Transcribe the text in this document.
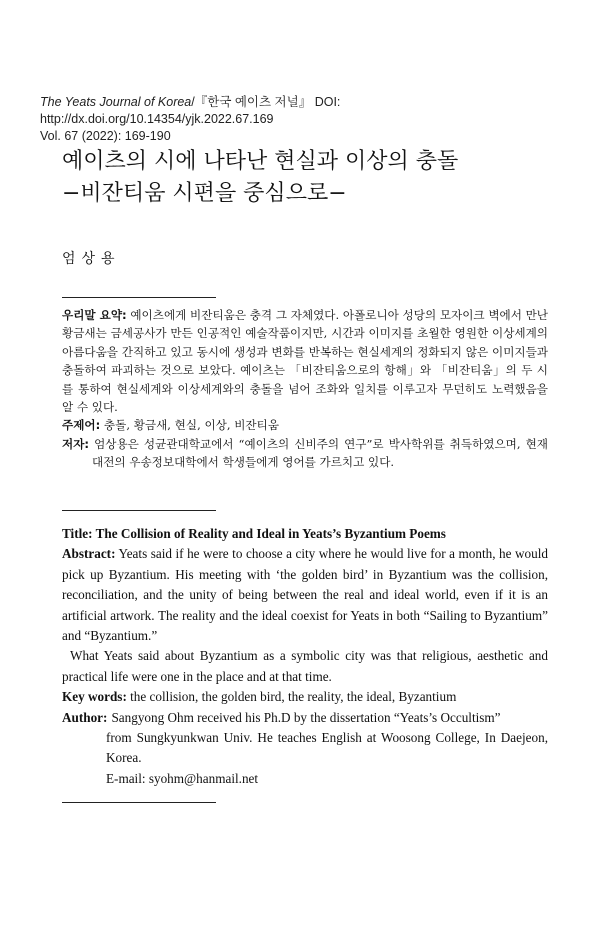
The Yeats Journal of Korea/『한국 예이츠 저널』 DOI: http://dx.doi.org/10.14354/yjk.2022.67.169
Vol. 67 (2022): 169-190
예이츠의 시에 나타난 현실과 이상의 충돌
−비잔티움 시편을 중심으로−
엄상용

우리말 요약: 예이츠에게 비잔티움은 충격 그 자체였다. 아폴로니아 성당의 모자이크 벽에서 만난 황금새는 금세공사가 만든 인공적인 예술작품이지만, 시간과 이미지를 초월한 영원한 이상세계의 아름다움을 간직하고 있고 동시에 생성과 변화를 반복하는 현실세계의 정화되지 않은 이미지들과 충돌하여 파괴하는 것으로 보았다. 예이츠는 「비잔티움으로의 항해」와 「비잔티움」의 두 시를 통하여 현실세계와 이상세계와의 충돌을 넘어 조화와 일치를 이루고자 무던히도 노력했음을 알 수 있다.

주제어: 충돌, 황금새, 현실, 이상, 비잔티움

저자: 엄상용은 성균관대학교에서 “예이츠의 신비주의 연구”로 박사학위를 취득하였으며, 현재 대전의 우송정보대학에서 학생들에게 영어를 가르치고 있다.

Title: The Collision of Reality and Ideal in Yeats’s Byzantium Poems

Abstract: Yeats said if he were to choose a city where he would live for a month, he would pick up Byzantium. His meeting with ‘the golden bird’ in Byzantium was the collision, reconciliation, and the unity of being between the real and ideal world, even if it is an artificial artwork. The reality and the ideal coexist for Yeats in both “Sailing to Byzantium” and “Byzantium.”

What Yeats said about Byzantium as a symbolic city was that religious, aesthetic and practical life were one in the place and at that time.

Key words: the collision, the golden bird, the reality, the ideal, Byzantium

Author: Sangyong Ohm received his Ph.D by the dissertation “Yeats’s Occultism”
from Sungkyunkwan Univ. He teaches English at Woosong College, In Daejeon, Korea.
E-mail: syohm@hanmail.net
